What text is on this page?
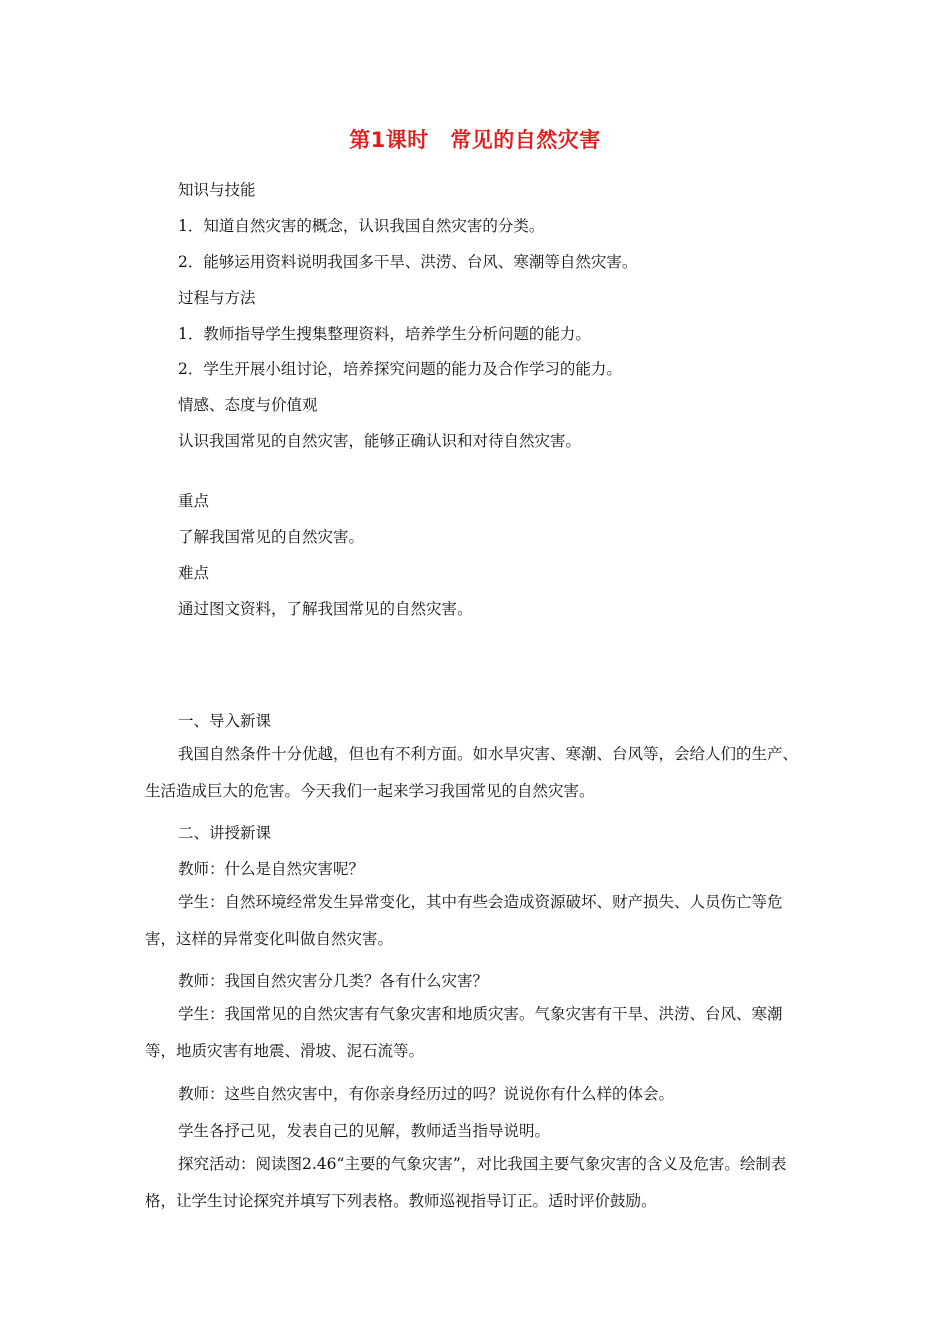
第1课时　常见的自然灾害
知识与技能
1．知道自然灾害的概念，认识我国自然灾害的分类。
2．能够运用资料说明我国多干旱、洪涝、台风、寒潮等自然灾害。
过程与方法
1．教师指导学生搜集整理资料，培养学生分析问题的能力。
2．学生开展小组讨论，培养探究问题的能力及合作学习的能力。
情感、态度与价值观
认识我国常见的自然灾害，能够正确认识和对待自然灾害。
重点
了解我国常见的自然灾害。
难点
通过图文资料，了解我国常见的自然灾害。
一、导入新课
我国自然条件十分优越，但也有不利方面。如水旱灾害、寒潮、台风等，会给人们的生产、生活造成巨大的危害。今天我们一起来学习我国常见的自然灾害。
二、讲授新课
教师：什么是自然灾害呢？
学生：自然环境经常发生异常变化，其中有些会造成资源破坏、财产损失、人员伤亡等危害，这样的异常变化叫做自然灾害。
教师：我国自然灾害分几类？各有什么灾害？
学生：我国常见的自然灾害有气象灾害和地质灾害。气象灾害有干旱、洪涝、台风、寒潮等，地质灾害有地震、滑坡、泥石流等。
教师：这些自然灾害中，有你亲身经历过的吗？说说你有什么样的体会。
学生各抒己见，发表自己的见解，教师适当指导说明。
探究活动：阅读图2.46“主要的气象灾害”，对比我国主要气象灾害的含义及危害。绘制表格，让学生讨论探究并填写下列表格。教师巡视指导订正。适时评价鼓励。
